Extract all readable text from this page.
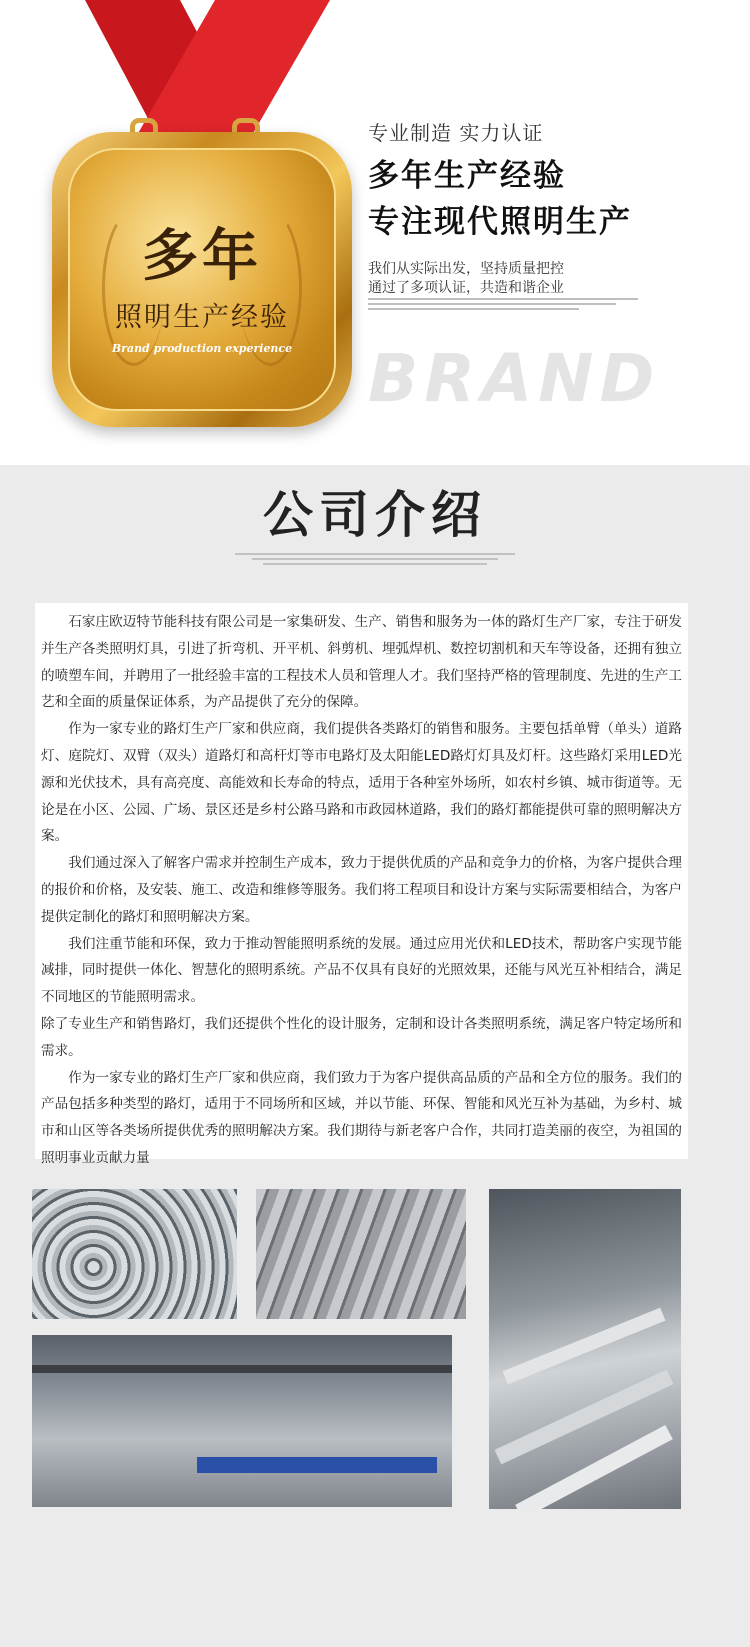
多年
照明生产经验
Brand production experience
专业制造 实力认证
多年生产经验
专注现代照明生产
我们从实际出发，坚持质量把控
通过了多项认证，共造和谐企业
BRAND
公司介绍

石家庄欧迈特节能科技有限公司是一家集研发、生产、销售和服务为一体的路灯生产厂家，专注于研发并生产各类照明灯具，引进了折弯机、开平机、斜剪机、埋弧焊机、数控切割机和天车等设备，还拥有独立的喷塑车间，并聘用了一批经验丰富的工程技术人员和管理人才。我们坚持严格的管理制度、先进的生产工艺和全面的质量保证体系，为产品提供了充分的保障。

作为一家专业的路灯生产厂家和供应商，我们提供各类路灯的销售和服务。主要包括单臂（单头）道路灯、庭院灯、双臂（双头）道路灯和高杆灯等市电路灯及太阳能LED路灯灯具及灯杆。这些路灯采用LED光源和光伏技术，具有高亮度、高能效和长寿命的特点，适用于各种室外场所，如农村乡镇、城市街道等。无论是在小区、公园、广场、景区还是乡村公路马路和市政园林道路，我们的路灯都能提供可靠的照明解决方案。

我们通过深入了解客户需求并控制生产成本，致力于提供优质的产品和竞争力的价格，为客户提供合理的报价和价格，及安装、施工、改造和维修等服务。我们将工程项目和设计方案与实际需要相结合，为客户提供定制化的路灯和照明解决方案。

我们注重节能和环保，致力于推动智能照明系统的发展。通过应用光伏和LED技术，帮助客户实现节能减排，同时提供一体化、智慧化的照明系统。产品不仅具有良好的光照效果，还能与风光互补相结合，满足不同地区的节能照明需求。

除了专业生产和销售路灯，我们还提供个性化的设计服务，定制和设计各类照明系统，满足客户特定场所和需求。

作为一家专业的路灯生产厂家和供应商，我们致力于为客户提供高品质的产品和全方位的服务。我们的产品包括多种类型的路灯，适用于不同场所和区域，并以节能、环保、智能和风光互补为基础，为乡村、城市和山区等各类场所提供优秀的照明解决方案。我们期待与新老客户合作，共同打造美丽的夜空，为祖国的照明事业贡献力量
